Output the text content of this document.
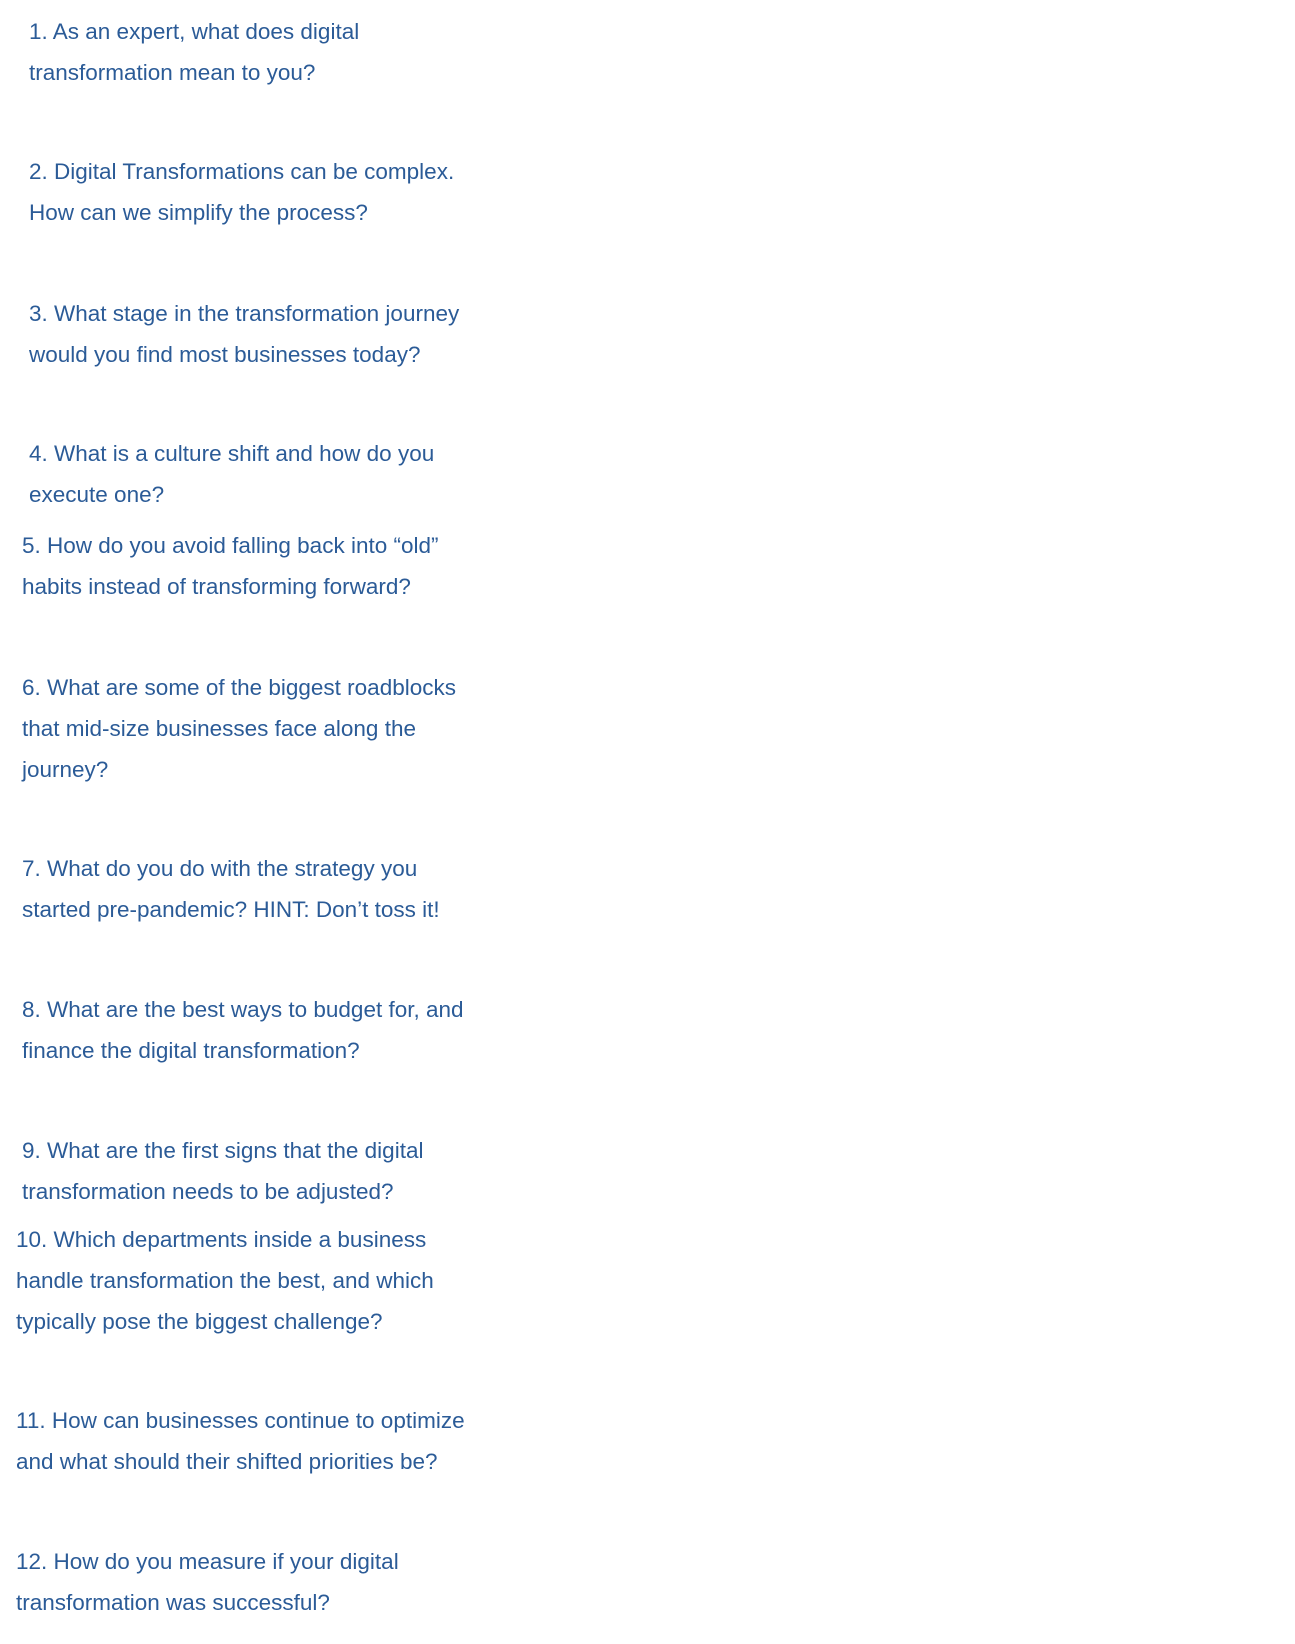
1. As an expert, what does digital
transformation mean to you?

2. Digital Transformations can be complex.
How can we simplify the process?

3. What stage in the transformation journey
would you find most businesses today?

4. What is a culture shift and how do you
execute one?

5. How do you avoid falling back into “old”
habits instead of transforming forward?

6. What are some of the biggest roadblocks
that mid-size businesses face along the
journey?

7. What do you do with the strategy you
started pre-pandemic? HINT: Don’t toss it!

8. What are the best ways to budget for, and
finance the digital transformation?

9. What are the first signs that the digital
transformation needs to be adjusted?

10. Which departments inside a business
handle transformation the best, and which
typically pose the biggest challenge?

11. How can businesses continue to optimize
and what should their shifted priorities be?

12. How do you measure if your digital
transformation was successful?
